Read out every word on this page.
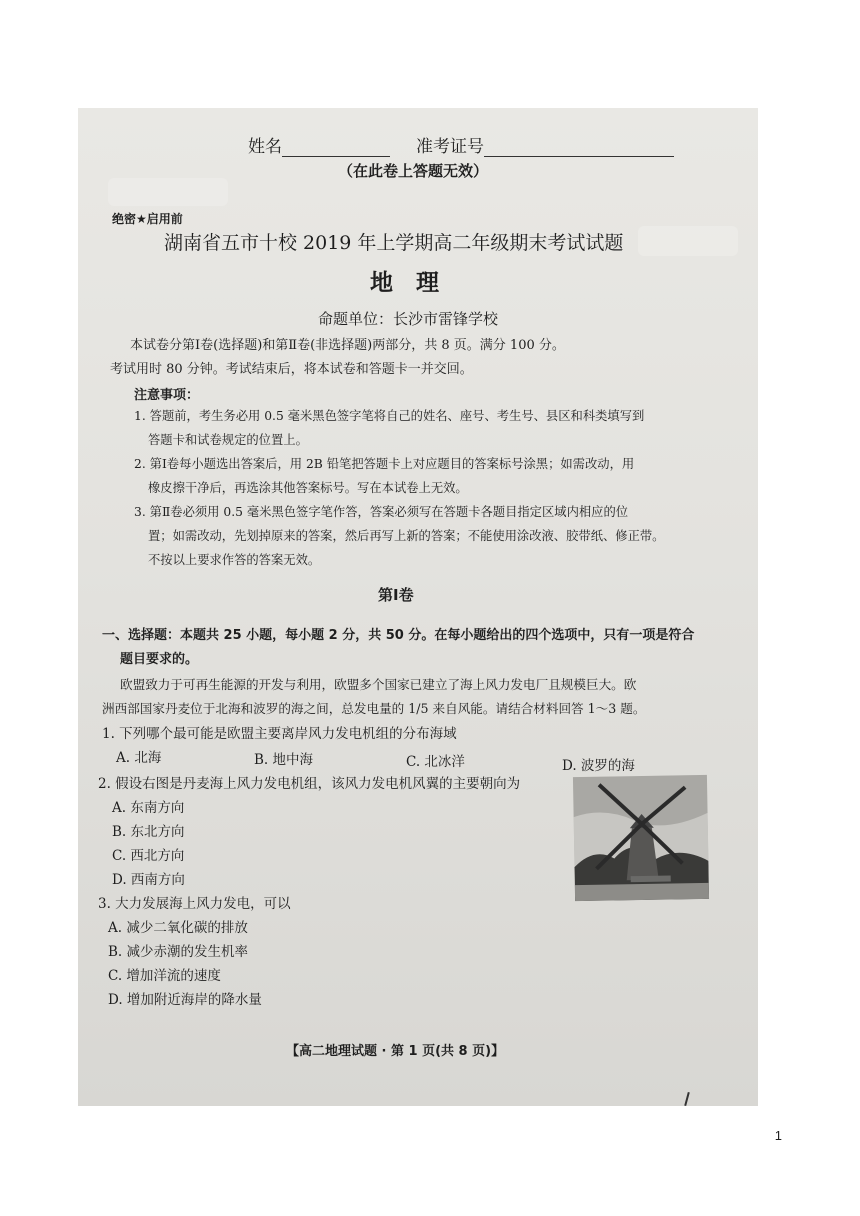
姓名	准考证号
（在此卷上答题无效）
绝密★启用前
湖南省五市十校 2019 年上学期高二年级期末考试试题
地　理
命题单位：长沙市雷锋学校
本试卷分第Ⅰ卷(选择题)和第Ⅱ卷(非选择题)两部分，共 8 页。满分 100 分。
考试用时 80 分钟。考试结束后，将本试卷和答题卡一并交回。
注意事项：
1. 答题前，考生务必用 0.5 毫米黑色签字笔将自己的姓名、座号、考生号、县区和科类填写到
答题卡和试卷规定的位置上。
2. 第Ⅰ卷每小题选出答案后，用 2B 铅笔把答题卡上对应题目的答案标号涂黑；如需改动，用
橡皮擦干净后，再选涂其他答案标号。写在本试卷上无效。
3. 第Ⅱ卷必须用 0.5 毫米黑色签字笔作答，答案必须写在答题卡各题目指定区域内相应的位
置；如需改动，先划掉原来的答案，然后再写上新的答案；不能使用涂改液、胶带纸、修正带。
不按以上要求作答的答案无效。
第Ⅰ卷
一、选择题：本题共 25 小题，每小题 2 分，共 50 分。在每小题给出的四个选项中，只有一项是符合
题目要求的。
欧盟致力于可再生能源的开发与利用，欧盟多个国家已建立了海上风力发电厂且规模巨大。欧
洲西部国家丹麦位于北海和波罗的海之间，总发电量的 1/5 来自风能。请结合材料回答 1～3 题。
1. 下列哪个最可能是欧盟主要离岸风力发电机组的分布海域
A. 北海	B. 地中海	C. 北冰洋	D. 波罗的海
2. 假设右图是丹麦海上风力发电机组，该风力发电机风翼的主要朝向为
A. 东南方向
B. 东北方向
C. 西北方向
D. 西南方向
3. 大力发展海上风力发电，可以
A. 减少二氧化碳的排放
B. 减少赤潮的发生机率
C. 增加洋流的速度
D. 增加附近海岸的降水量
【高二地理试题 · 第 1 页(共 8 页)】
1
